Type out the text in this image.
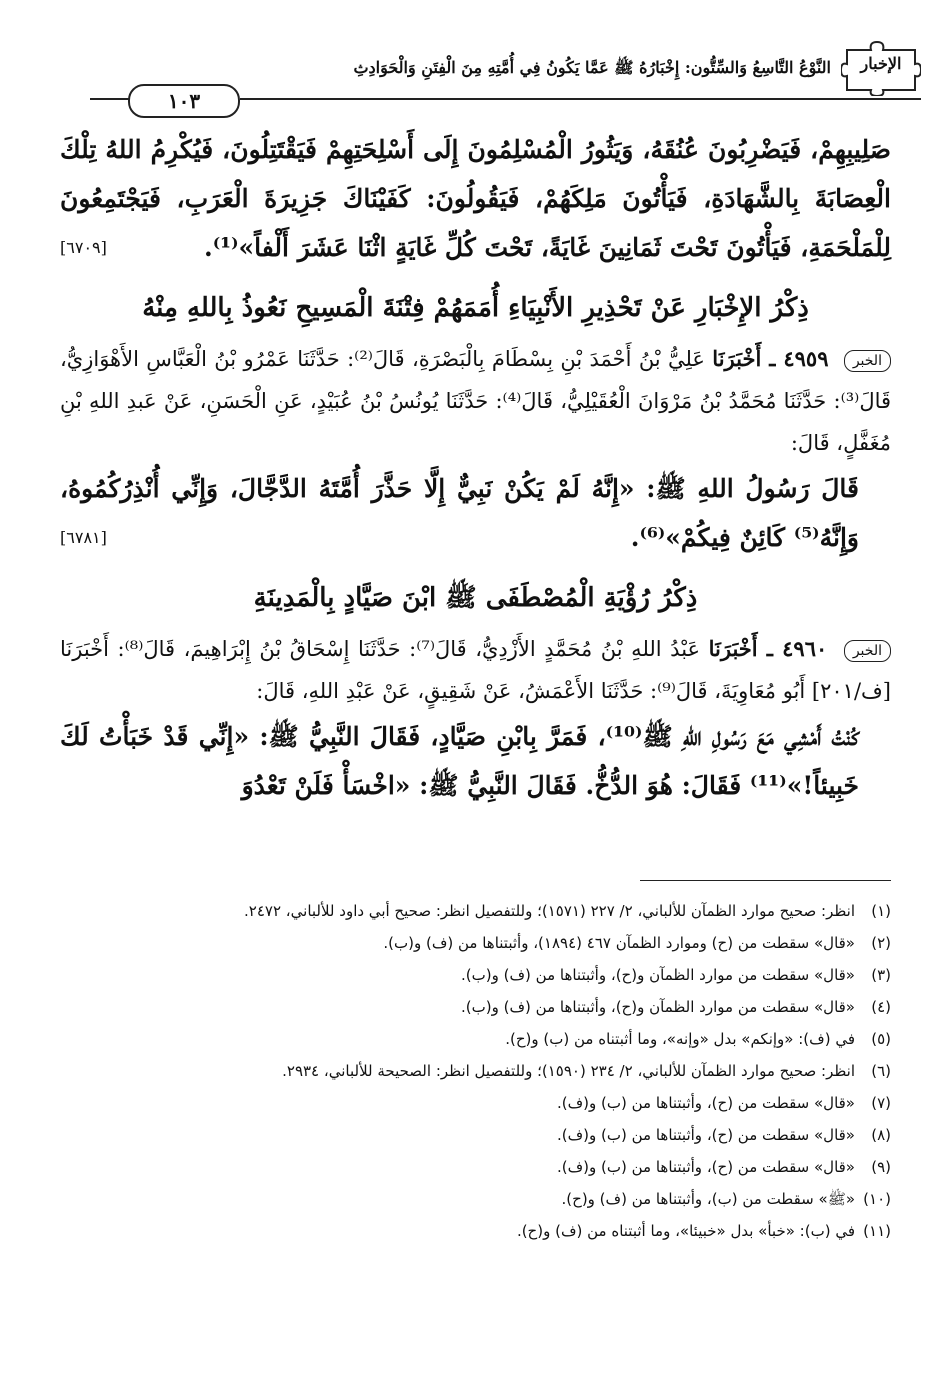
الإخبار
النَّوْعُ التَّاسِعُ وَالسِّتُّون: إِخْبَارُهُ ﷺ عَمَّا يَكُونُ فِي أُمَّتِهِ مِنَ الْفِتَنِ وَالْحَوَادِثِ
١٠٣

صَلِيبِهِمْ، فَيَضْرِبُونَ عُنُقَهُ، وَيَثُورُ الْمُسْلِمُونَ إِلَى أَسْلِحَتِهِمْ فَيَقْتَتِلُونَ، فَيُكْرِمُ اللهُ تِلْكَ الْعِصَابَةَ بِالشَّهَادَةِ، فَيَأْتُونَ مَلِكَهُمْ، فَيَقُولُونَ: كَفَيْنَاكَ جَزِيرَةَ الْعَرَبِ، فَيَجْتَمِعُونَ لِلْمَلْحَمَةِ، فَيَأْتُونَ تَحْتَ ثَمَانِينَ غَايَةً، تَحْتَ كُلِّ غَايَةٍ اثْنَا عَشَرَ أَلْفاً»⁽¹⁾.
[٦٧٠٩]

ذِكْرُ الإِخْبَارِ عَنْ تَحْذِيرِ الأَنْبِيَاءِ أُمَمَهُمْ فِتْنَةَ الْمَسِيحِ نَعُوذُ بِاللهِ مِنْهُ

الخبر ٤٩٥٩ ـ أَخْبَرَنَا عَلِيُّ بْنُ أَحْمَدَ بْنِ بِسْطَامَ بِالْبَصْرَةِ، قَالَ⁽²⁾: حَدَّثَنَا عَمْرُو بْنُ الْعَبَّاسِ الأَهْوَازِيُّ، قَالَ⁽³⁾: حَدَّثَنَا مُحَمَّدُ بْنُ مَرْوَانَ الْعُقَيْلِيُّ، قَالَ⁽⁴⁾: حَدَّثَنَا يُونُسُ بْنُ عُبَيْدٍ، عَنِ الْحَسَنِ، عَنْ عَبدِ اللهِ بْنِ مُغَفَّلٍ، قَالَ:

قَالَ رَسُولُ اللهِ ﷺ: «إِنَّهُ لَمْ يَكُنْ نَبِيٌّ إِلَّا حَذَّرَ أُمَّتَهُ الدَّجَّالَ، وَإِنِّي أُنْذِرُكُمُوهُ، وَإِنَّهُ⁽⁵⁾ كَائِنٌ فِيكُمْ»⁽⁶⁾.
[٦٧٨١]

ذِكْرُ رُؤْيَةِ الْمُصْطَفَى ﷺ ابْنَ صَيَّادٍ بِالْمَدِينَةِ

الخبر ٤٩٦٠ ـ أَخْبَرَنَا عَبْدُ اللهِ بْنُ مُحَمَّدٍ الأَزْدِيُّ، قَالَ⁽⁷⁾: حَدَّثَنَا إِسْحَاقُ بْنُ إِبْرَاهِيمَ، قَالَ⁽⁸⁾: أَخْبَرَنَا [ف/٢٠١] أَبُو مُعَاوِيَةَ، قَالَ⁽⁹⁾: حَدَّثَنَا الأَعْمَشُ، عَنْ شَقِيقٍ، عَنْ عَبْدِ اللهِ، قَالَ:

كُنْتُ أَمْشِي مَعَ رَسُولِ اللهِ ﷺ⁽¹⁰⁾، فَمَرَّ بِابْنِ صَيَّادٍ، فَقَالَ النَّبِيُّ ﷺ: «إِنِّي قَدْ خَبَأْتُ لَكَ خَبِيئاً!»⁽¹¹⁾ فَقَالَ: هُوَ الدُّخُّ. فَقَالَ النَّبِيُّ ﷺ: «اخْسَأْ فَلَنْ تَعْدُوَ

(١)انظر: صحيح موارد الظمآن للألباني، ٢/ ٢٢٧ (١٥٧١)؛ وللتفصيل انظر: صحيح أبي داود للألباني، ٢٤٧٢.

(٢)«قال» سقطت من (ح) وموارد الظمآن ٤٦٧ (١٨٩٤)، وأثبتناها من (ف) و(ب).

(٣)«قال» سقطت من موارد الظمآن و(ح)، وأثبتناها من (ف) و(ب).

(٤)«قال» سقطت من موارد الظمآن و(ح)، وأثبتناها من (ف) و(ب).

(٥)في (ف): «وإنكم» بدل «وإنه»، وما أثبتناه من (ب) و(ح).

(٦)انظر: صحيح موارد الظمآن للألباني، ٢/ ٢٣٤ (١٥٩٠)؛ وللتفصيل انظر: الصحيحة للألباني، ٢٩٣٤.

(٧)«قال» سقطت من (ح)، وأثبتناها من (ب) و(ف).

(٨)«قال» سقطت من (ح)، وأثبتناها من (ب) و(ف).

(٩)«قال» سقطت من (ح)، وأثبتناها من (ب) و(ف).

(١٠)«ﷺ» سقطت من (ب)، وأثبتناها من (ف) و(ح).

(١١)في (ب): «خبأ» بدل «خبيئا»، وما أثبتناه من (ف) و(ح).
